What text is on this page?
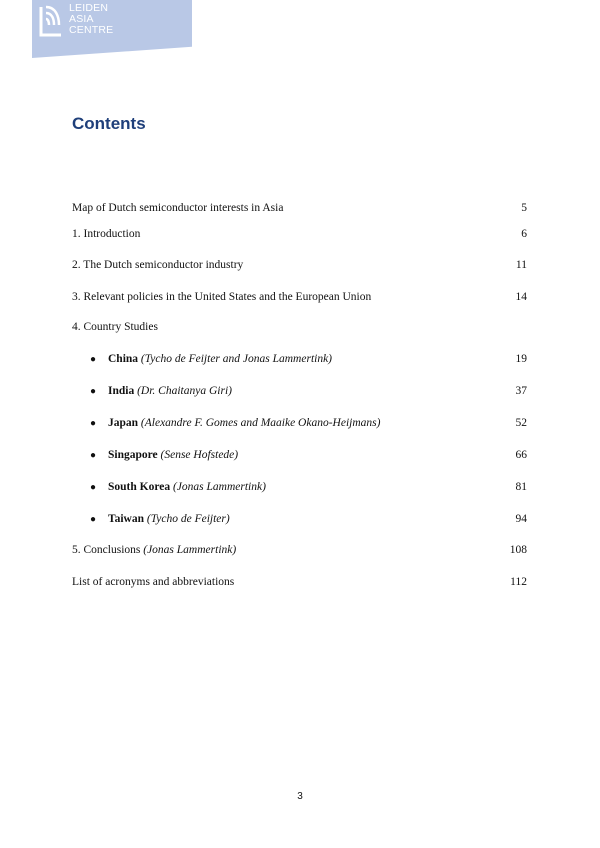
LEIDEN
ASIA
CENTRE
Contents
Map of Dutch semiconductor interests in Asia	5
1. Introduction	6
2. The Dutch semiconductor industry	11
3. Relevant policies in the United States and the European Union	14
4. Country Studies
● China (Tycho de Feijter and Jonas Lammertink)	19
● India (Dr. Chaitanya Giri)	37
● Japan (Alexandre F. Gomes and Maaike Okano-Heijmans)	52
● Singapore (Sense Hofstede)	66
● South Korea (Jonas Lammertink)	81
● Taiwan (Tycho de Feijter)	94
5. Conclusions (Jonas Lammertink)	108
List of acronyms and abbreviations	112
3
